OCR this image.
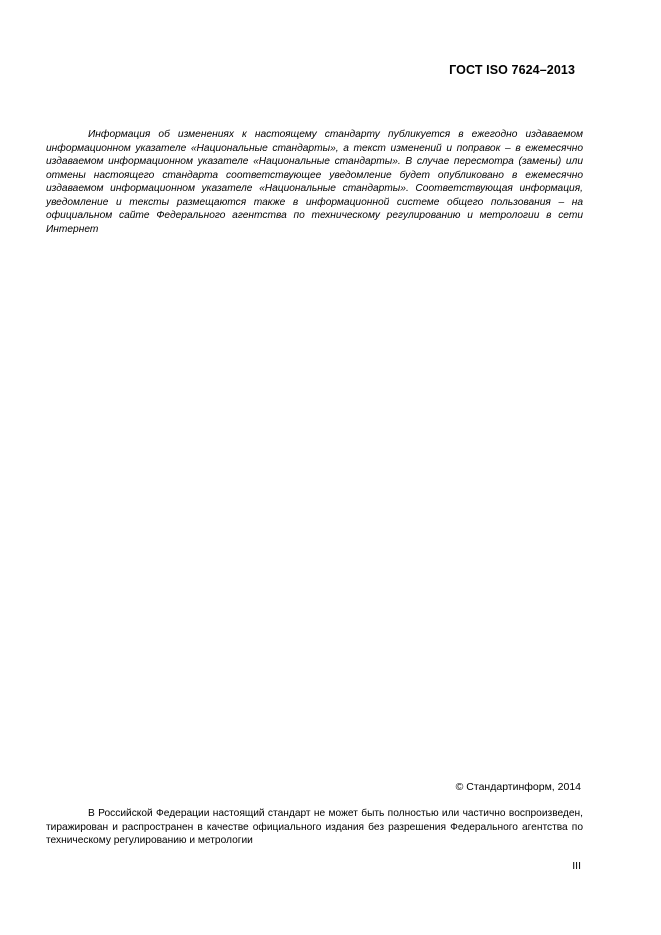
ГОСТ ISO 7624–2013

Информация об изменениях к настоящему стандарту публикуется в ежегодно издаваемом информационном указателе «Национальные стандарты», а текст изменений и поправок – в ежемесячно издаваемом информационном указателе «Национальные стандарты». В случае пересмотра (замены) или отмены настоящего стандарта соответствующее уведомление будет опубликовано в ежемесячно издаваемом информационном указателе «Национальные стандарты». Соответствующая информация, уведомление и тексты размещаются также в информационной системе общего пользования – на официальном сайте Федерального агентства по техническому регулированию и метрологии в сети Интернет

© Стандартинформ, 2014

В Российской Федерации настоящий стандарт не может быть полностью или частично воспроизведен, тиражирован и распространен в качестве официального издания без разрешения Федерального агентства по техническому регулированию и метрологии

III
